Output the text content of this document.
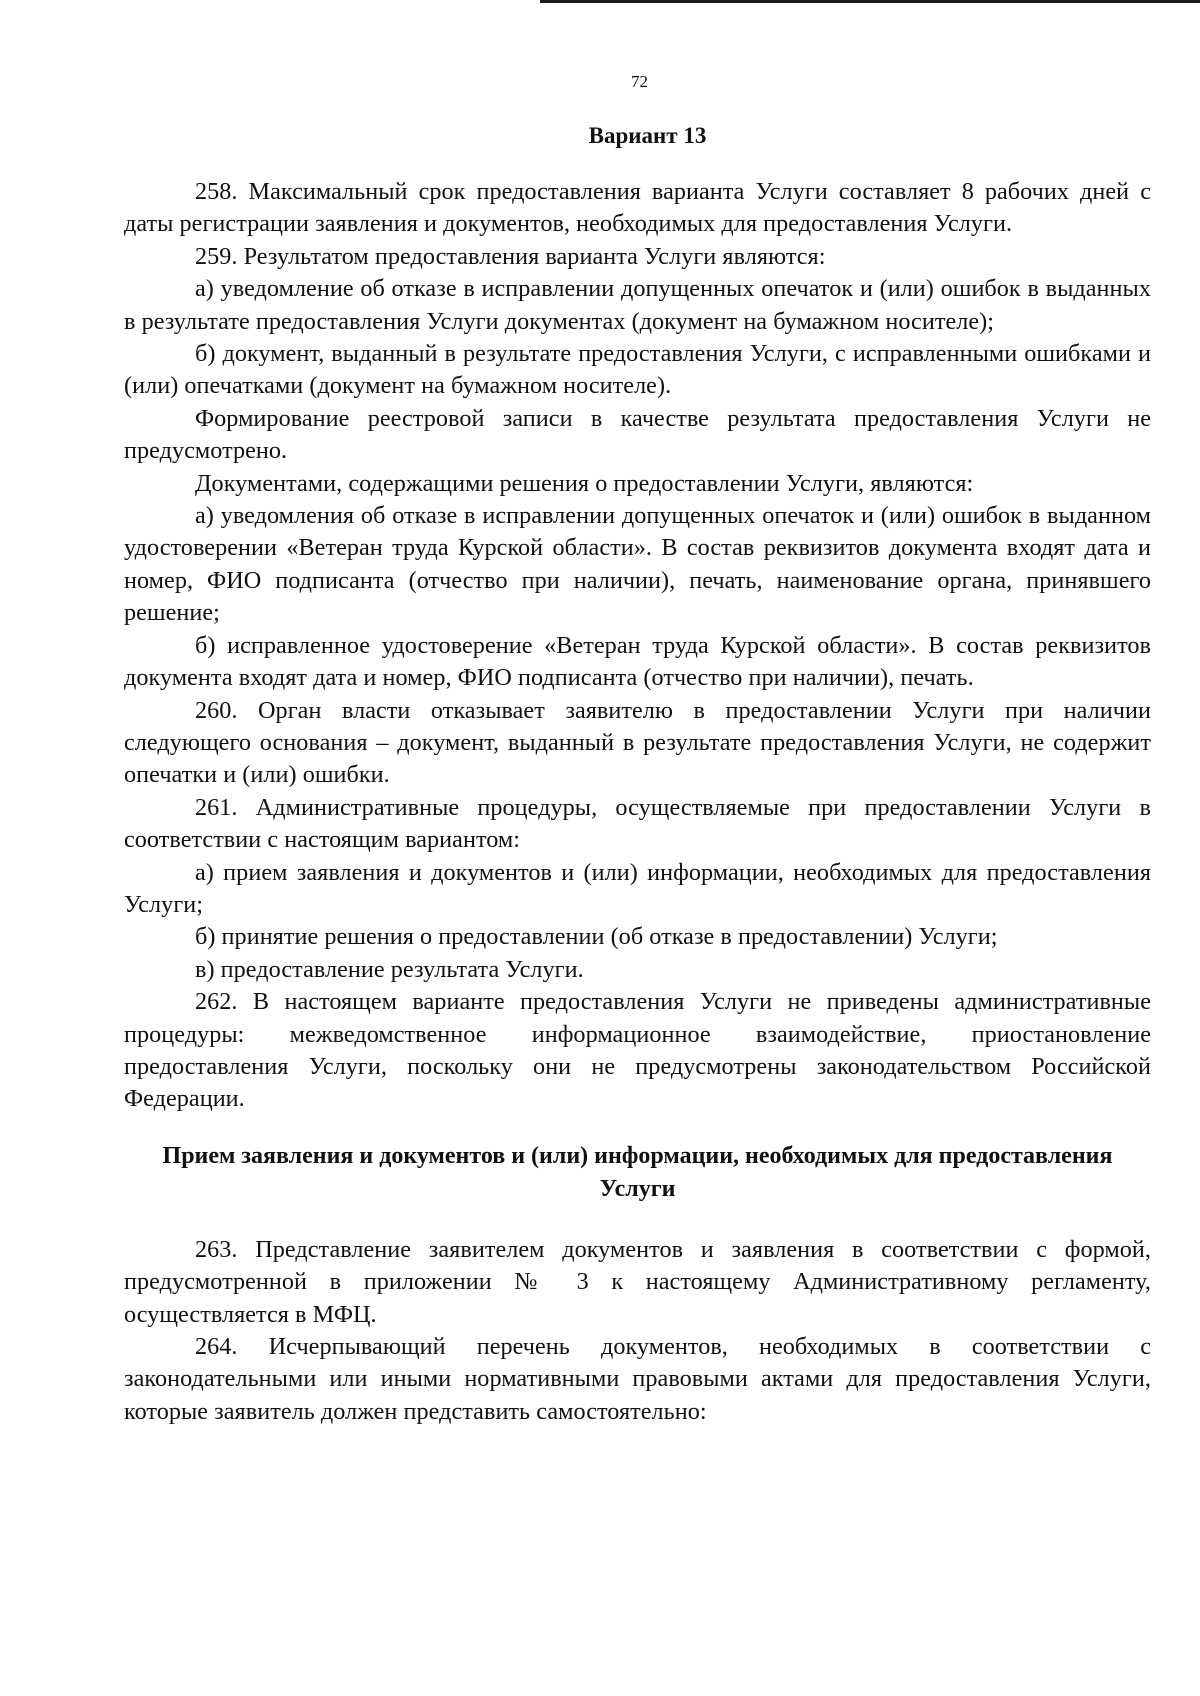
72
Вариант 13

258. Максимальный срок предоставления варианта Услуги составляет 8 рабочих дней с даты регистрации заявления и документов, необходимых для предоставления Услуги.

259. Результатом предоставления варианта Услуги являются:

а) уведомление об отказе в исправлении допущенных опечаток и (или) ошибок в выданных в результате предоставления Услуги документах (документ на бумажном носителе);

б) документ, выданный в результате предоставления Услуги, с исправленными ошибками и (или) опечатками (документ на бумажном носителе).

Формирование реестровой записи в качестве результата предоставления Услуги не предусмотрено.

Документами, содержащими решения о предоставлении Услуги, являются:

а) уведомления об отказе в исправлении допущенных опечаток и (или) ошибок в выданном удостоверении «Ветеран труда Курской области». В состав реквизитов документа входят дата и номер, ФИО подписанта (отчество при наличии), печать, наименование органа, принявшего решение;

б) исправленное удостоверение «Ветеран труда Курской области». В состав реквизитов документа входят дата и номер, ФИО подписанта (отчество при наличии), печать.

260. Орган власти отказывает заявителю в предоставлении Услуги при наличии следующего основания – документ, выданный в результате предоставления Услуги, не содержит опечатки и (или) ошибки.

261. Административные процедуры, осуществляемые при предоставлении Услуги в соответствии с настоящим вариантом:

а) прием заявления и документов и (или) информации, необходимых для предоставления Услуги;

б) принятие решения о предоставлении (об отказе в предоставлении) Услуги;

в) предоставление результата Услуги.

262. В настоящем варианте предоставления Услуги не приведены административные процедуры: межведомственное информационное взаимодействие, приостановление предоставления Услуги, поскольку они не предусмотрены законодательством Российской Федерации.

Прием заявления и документов и (или) информации, необходимых для предоставления Услуги

263. Представление заявителем документов и заявления в соответствии с формой, предусмотренной в приложении № 3 к настоящему Административному регламенту, осуществляется в МФЦ.

264. Исчерпывающий перечень документов, необходимых в соответствии с законодательными или иными нормативными правовыми актами для предоставления Услуги, которые заявитель должен представить самостоятельно:
